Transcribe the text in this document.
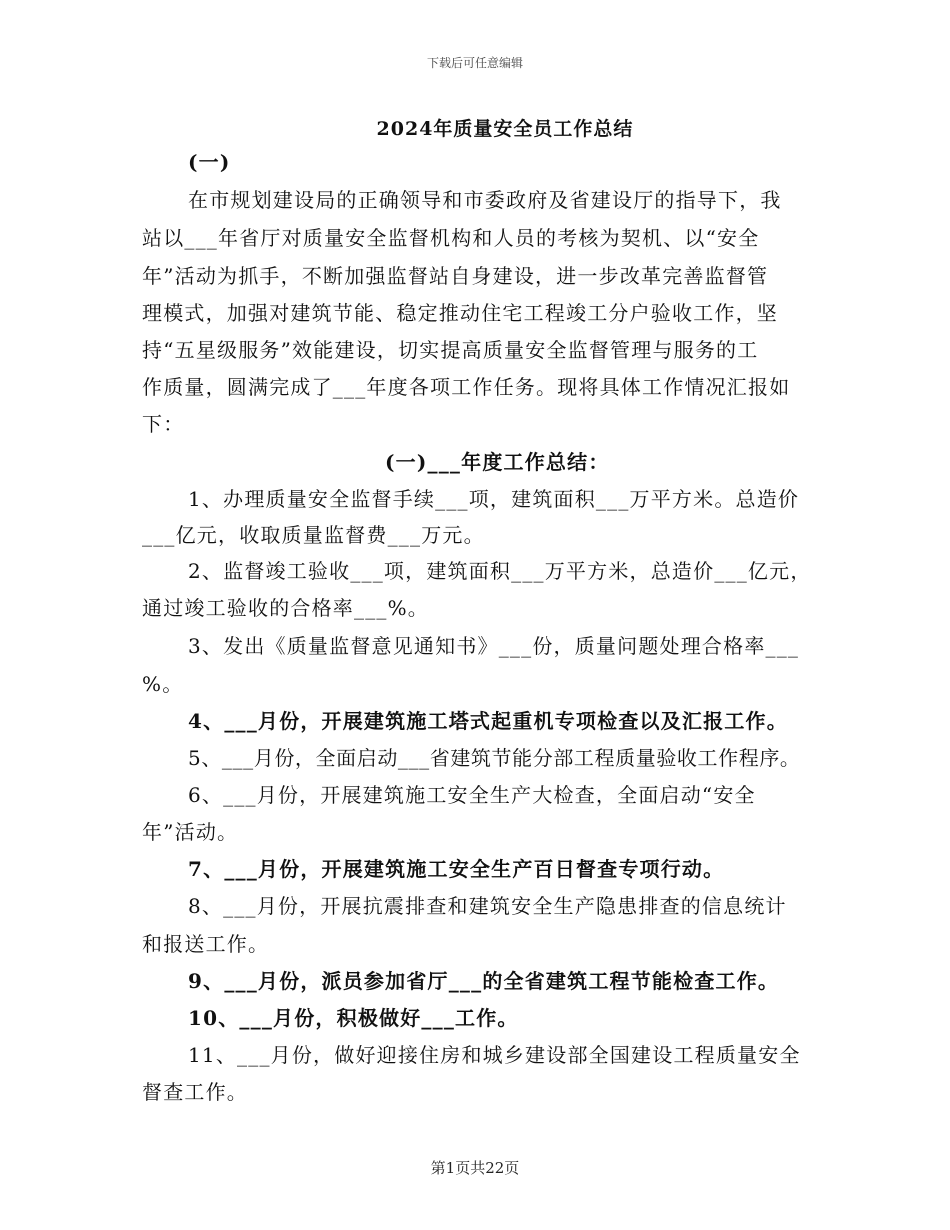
下载后可任意编辑
2024年质量安全员工作总结
(一)
在市规划建设局的正确领导和市委政府及省建设厅的指导下，我
站以___年省厅对质量安全监督机构和人员的考核为契机、以“安全
年”活动为抓手，不断加强监督站自身建设，进一步改革完善监督管
理模式，加强对建筑节能、稳定推动住宅工程竣工分户验收工作，坚
持“五星级服务”效能建设，切实提高质量安全监督管理与服务的工
作质量，圆满完成了___年度各项工作任务。现将具体工作情况汇报如
下：
(一)___年度工作总结：
1、办理质量安全监督手续___项，建筑面积___万平方米。总造价
___亿元，收取质量监督费___万元。
2、监督竣工验收___项，建筑面积___万平方米，总造价___亿元，
通过竣工验收的合格率___%。
3、发出《质量监督意见通知书》___份，质量问题处理合格率___
%。
4、___月份，开展建筑施工塔式起重机专项检查以及汇报工作。
5、___月份，全面启动___省建筑节能分部工程质量验收工作程序。
6、___月份，开展建筑施工安全生产大检查，全面启动“安全
年”活动。
7、___月份，开展建筑施工安全生产百日督查专项行动。
8、___月份，开展抗震排查和建筑安全生产隐患排查的信息统计
和报送工作。
9、___月份，派员参加省厅___的全省建筑工程节能检查工作。
10、___月份，积极做好___工作。
11、___月份，做好迎接住房和城乡建设部全国建设工程质量安全
督查工作。
第1页共22页
